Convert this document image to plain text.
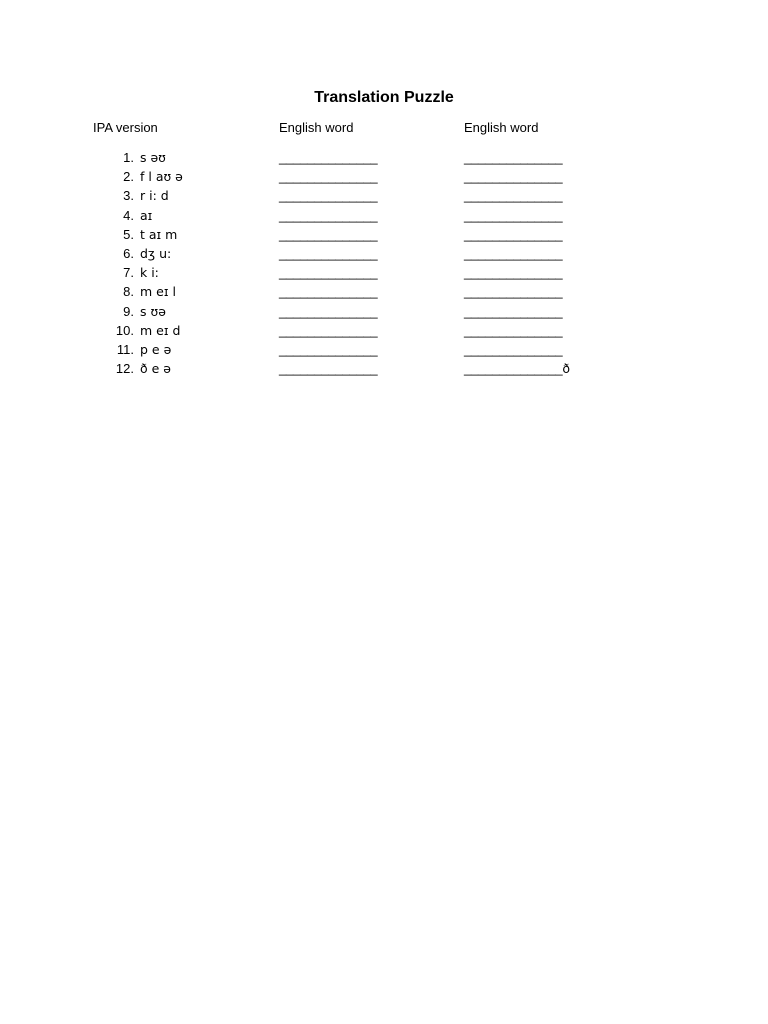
Translation Puzzle
IPA version	English word	English word
1. s əʊ	______________	______________
2. f l aʊ ə	______________	______________
3. r i: d	______________	______________
4. aɪ	______________	______________
5. t aɪ m	______________	______________
6. dʒ u:	______________	______________
7. k i:	______________	______________
8. m eɪ l	______________	______________
9. s ʊə	______________	______________
10. m eɪ d	______________	______________
11. p e ə	______________	______________
12. ð e ə	______________	______________ð
